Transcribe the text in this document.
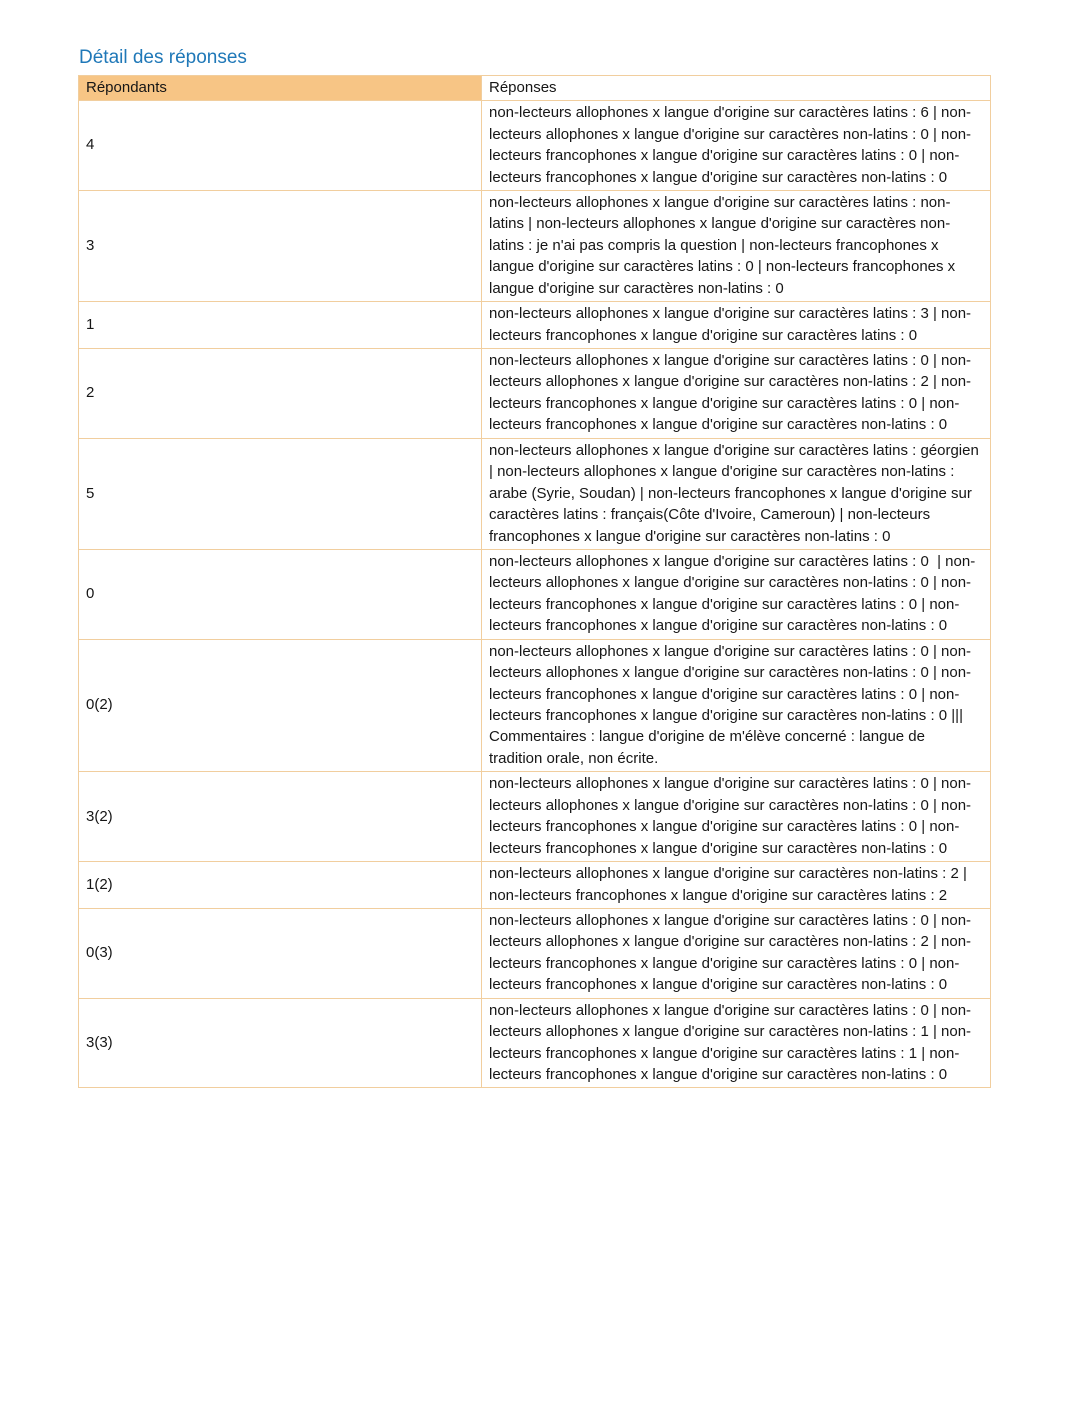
Détail des réponses
Répondants	Réponses
4	non-lecteurs allophones x langue d'origine sur caractères latins : 6 | non-lecteurs allophones x langue d'origine sur caractères non-latins : 0 | non-lecteurs francophones x langue d'origine sur caractères latins : 0 | non-lecteurs francophones x langue d'origine sur caractères non-latins : 0
3	non-lecteurs allophones x langue d'origine sur caractères latins : non-latins | non-lecteurs allophones x langue d'origine sur caractères non-latins : je n'ai pas compris la question | non-lecteurs francophones x langue d'origine sur caractères latins : 0 | non-lecteurs francophones x langue d'origine sur caractères non-latins : 0
1	non-lecteurs allophones x langue d'origine sur caractères latins : 3 | non-lecteurs francophones x langue d'origine sur caractères latins : 0
2	non-lecteurs allophones x langue d'origine sur caractères latins : 0 | non-lecteurs allophones x langue d'origine sur caractères non-latins : 2 | non-lecteurs francophones x langue d'origine sur caractères latins : 0 | non-lecteurs francophones x langue d'origine sur caractères non-latins : 0
5	non-lecteurs allophones x langue d'origine sur caractères latins : géorgien | non-lecteurs allophones x langue d'origine sur caractères non-latins : arabe (Syrie, Soudan) | non-lecteurs francophones x langue d'origine sur caractères latins : français(Côte d'Ivoire, Cameroun) | non-lecteurs francophones x langue d'origine sur caractères non-latins : 0
0	non-lecteurs allophones x langue d'origine sur caractères latins : 0  | non-lecteurs allophones x langue d'origine sur caractères non-latins : 0 | non-lecteurs francophones x langue d'origine sur caractères latins : 0 | non-lecteurs francophones x langue d'origine sur caractères non-latins : 0
0(2)	non-lecteurs allophones x langue d'origine sur caractères latins : 0 | non-lecteurs allophones x langue d'origine sur caractères non-latins : 0 | non-lecteurs francophones x langue d'origine sur caractères latins : 0 | non-lecteurs francophones x langue d'origine sur caractères non-latins : 0 ||| Commentaires : langue d'origine de m'élève concerné : langue de tradition orale, non écrite.
3(2)	non-lecteurs allophones x langue d'origine sur caractères latins : 0 | non-lecteurs allophones x langue d'origine sur caractères non-latins : 0 | non-lecteurs francophones x langue d'origine sur caractères latins : 0 | non-lecteurs francophones x langue d'origine sur caractères non-latins : 0
1(2)	non-lecteurs allophones x langue d'origine sur caractères non-latins : 2 | non-lecteurs francophones x langue d'origine sur caractères latins : 2
0(3)	non-lecteurs allophones x langue d'origine sur caractères latins : 0 | non-lecteurs allophones x langue d'origine sur caractères non-latins : 2 | non-lecteurs francophones x langue d'origine sur caractères latins : 0 | non-lecteurs francophones x langue d'origine sur caractères non-latins : 0
3(3)	non-lecteurs allophones x langue d'origine sur caractères latins : 0 | non-lecteurs allophones x langue d'origine sur caractères non-latins : 1 | non-lecteurs francophones x langue d'origine sur caractères latins : 1 | non-lecteurs francophones x langue d'origine sur caractères non-latins : 0
